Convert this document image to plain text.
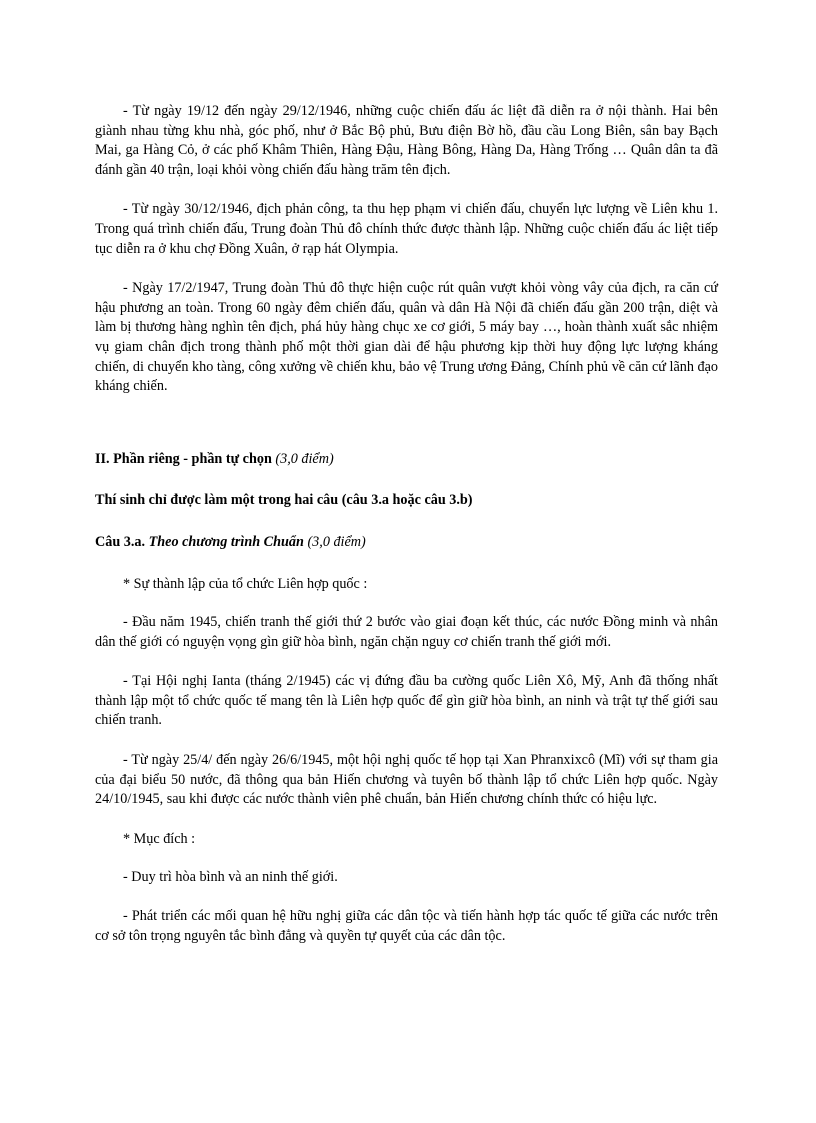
- Từ ngày 19/12 đến ngày 29/12/1946, những cuộc chiến đấu ác liệt đã diễn ra ở nội thành. Hai bên giành nhau từng khu nhà, góc phố, như ở Bắc Bộ phủ, Bưu điện Bờ hồ, đầu cầu Long Biên, sân bay Bạch Mai, ga Hàng Cỏ, ở các phố Khâm Thiên, Hàng Đậu, Hàng Bông, Hàng Da, Hàng Trống … Quân dân ta đã đánh gần 40 trận, loại khỏi vòng chiến đấu hàng trăm tên địch.

- Từ ngày 30/12/1946, địch phản công, ta thu hẹp phạm vi chiến đấu, chuyển lực lượng về Liên khu 1. Trong quá trình chiến đấu, Trung đoàn Thủ đô chính thức được thành lập. Những cuộc chiến đấu ác liệt tiếp tục diễn ra ở khu chợ Đồng Xuân, ở rạp hát Olympia.

- Ngày 17/2/1947, Trung đoàn Thủ đô thực hiện cuộc rút quân vượt khỏi vòng vây của địch, ra căn cứ hậu phương an toàn. Trong 60 ngày đêm chiến đấu, quân và dân Hà Nội đã chiến đấu gần 200 trận, diệt và làm bị thương hàng nghìn tên địch, phá hủy hàng chục xe cơ giới, 5 máy bay …, hoàn thành xuất sắc nhiệm vụ giam chân địch trong thành phố một thời gian dài để hậu phương kịp thời huy động lực lượng kháng chiến, di chuyển kho tàng, công xưởng về chiến khu, bảo vệ Trung ương Đảng, Chính phủ về căn cứ lãnh đạo kháng chiến.

II. Phần riêng - phần tự chọn (3,0 điểm)

Thí sinh chỉ được làm một trong hai câu (câu 3.a hoặc câu 3.b)

Câu 3.a. Theo chương trình Chuẩn (3,0 điểm)

* Sự thành lập của tổ chức Liên hợp quốc :

- Đầu năm 1945, chiến tranh thế giới thứ 2 bước vào giai đoạn kết thúc, các nước Đồng minh và nhân dân thế giới có nguyện vọng gìn giữ hòa bình, ngăn chặn nguy cơ chiến tranh thế giới mới.

- Tại Hội nghị Ianta (tháng 2/1945) các vị đứng đầu ba cường quốc Liên Xô, Mỹ, Anh đã thống nhất thành lập một tổ chức quốc tế mang tên là Liên hợp quốc để gìn giữ hòa bình, an ninh và trật tự thế giới sau chiến tranh.

- Từ ngày 25/4/ đến ngày 26/6/1945, một hội nghị quốc tế họp tại Xan Phranxixcô (Mĩ) với sự tham gia của đại biểu 50 nước, đã thông qua bản Hiến chương và tuyên bố thành lập tổ chức Liên hợp quốc. Ngày 24/10/1945, sau khi được các nước thành viên phê chuẩn, bản Hiến chương chính thức có hiệu lực.

* Mục đích :

- Duy trì hòa bình và an ninh thế giới.

- Phát triển các mối quan hệ hữu nghị giữa các dân tộc và tiến hành hợp tác quốc tế giữa các nước trên cơ sở tôn trọng nguyên tắc bình đẳng và quyền tự quyết của các dân tộc.
